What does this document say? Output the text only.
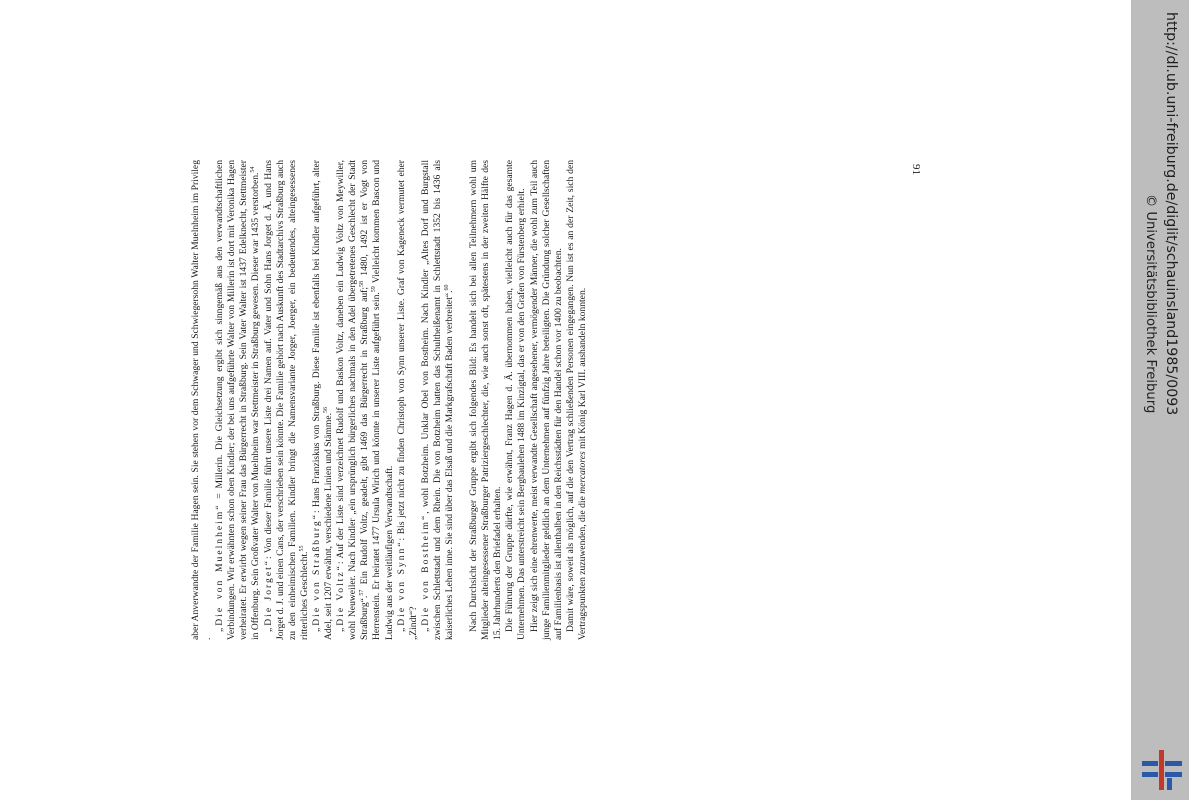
aber Anverwandte der Familie Hagen sein. Sie stehen vor dem Schwager und Schwiegersohn Walter Muelnheim im Privileg .

„Die von Muelnheim“ = Millerin. Die Gleichsetzung ergibt sich sinngemäß aus den verwandtschaftlichen Verbindungen. Wir erwähnten schon oben Kindler; der bei uns aufgeführte Walter von Millerin ist dort mit Veronika Hagen verheiratet. Er erwirbt wegen seiner Frau das Bürgerrecht in Straßburg. Sein Vater Walter ist 1437 Edelknecht, Stettmeister in Offenburg. Sein Großvater Walter von Muelnheim war Stettmeister in Straßburg gewesen. Dieser war 1435 verstorben.$^{54}$

„Die Jorget“: Von dieser Familie führt unsere Liste drei Namen auf. Vater und Sohn Hans Jorget d. Ä. und Hans Jorget d. J. und einen Cans, der verschrieben sein könnte. Die Familie gehört nach Auskunft des Stadtarchivs Straßburg auch zu den einheimischen Familien. Kindler bringt die Namensvariante Jorger, Joerger, ein bedeutendes, alteingesessenes ritterliches Geschlecht.$^{55}$ „Die von Straßburg“: Hans Franziskus von Straßburg. Diese Familie ist ebenfalls bei Kindler aufgeführt, alter Adel, seit 1207 erwähnt, verschiedene Linien und Stämme.$^{56}$

„Die Voltz“: Auf der Liste sind verzeichnet Rudolf und Baskon Voltz, daneben ein Ludwig Voltz von Meywiller, wohl Neuweiler. Nach Kindler „ein ursprünglich bürgerliches nachmals in den Adel übergetretenes Geschlecht der Stadt Straßburg“.$^{57}$ Ein Rudolf Voltz, geadelt, gibt 1469 das Bürgerrecht in Straßburg auf;$^{58}$ 1480, 1492 ist er Vogt von Herrenstein. Er heiratet 1477 Ursula Wirich und könnte in unserer Liste aufgeführt sein.$^{59}$ Vielleicht kommen Bascon und Ludwig aus der weitläufigen Verwandtschaft. „Die von Synn“: Bis jetzt nicht zu finden Christoph von Synn unserer Liste. Graf von Kageneck vermutet eher „Zindt“? „Die von Bostheim“, wohl Botzheim. Unklar Obel von Bostheim. Nach Kindler „Altes Dorf und Burgstall zwischen Schlettstadt und dem Rhein. Die von Botzheim hatten das Schultheißenamt in Schlettstadt 1352 bis 1436 als kaiserliches Lehen inne. Sie sind über das Elsaß und die Markgrafschaft Baden verbreitet“.$^{60}$	Nach Durchsicht der Straßburger Gruppe ergibt sich folgendes Bild: Es handelt sich bei allen Teilnehmern wohl um Mitglieder alteingesessener Straßburger Patriziergeschlechter, die, wie auch sonst oft, spätestens in der zweiten Hälfte des 15. Jahrhunderts den Briefadel erhalten. Die Führung der Gruppe dürfte, wie erwähnt, Franz Hagen d. Ä. übernommen haben, vielleicht auch für das gesamte Unternehmen. Das unterstreicht sein Bergbaulehen 1488 im Kinzigtal, das er von den Grafen von Fürstenberg erhielt. Hier zeigt sich eine ehrenwerte, meist verwandte Gesellschaft angesehener, vermögender Männer, die wohl zum Teil auch junge Familienmitglieder geldlich an dem Unternehmen auf fünfzig Jahre beteiligten. Die Gründung solcher Gesellschaften auf Familienbasis ist allenthalben in den Reichsstädten für den Handel schon vor 1400 zu beobachten. Damit wäre, soweit als möglich, auf die den Vertrag schließenden Personen eingegangen. Nun ist es an der Zeit, sich den Vertragspunkten zuzuwenden, die die mercatores mit König Karl VIII. aushandeln konnten.

91	http://dl.ub.uni-freiburg.de/diglit/schauinsland1985/0093
© Universitätsbibliothek Freiburg
